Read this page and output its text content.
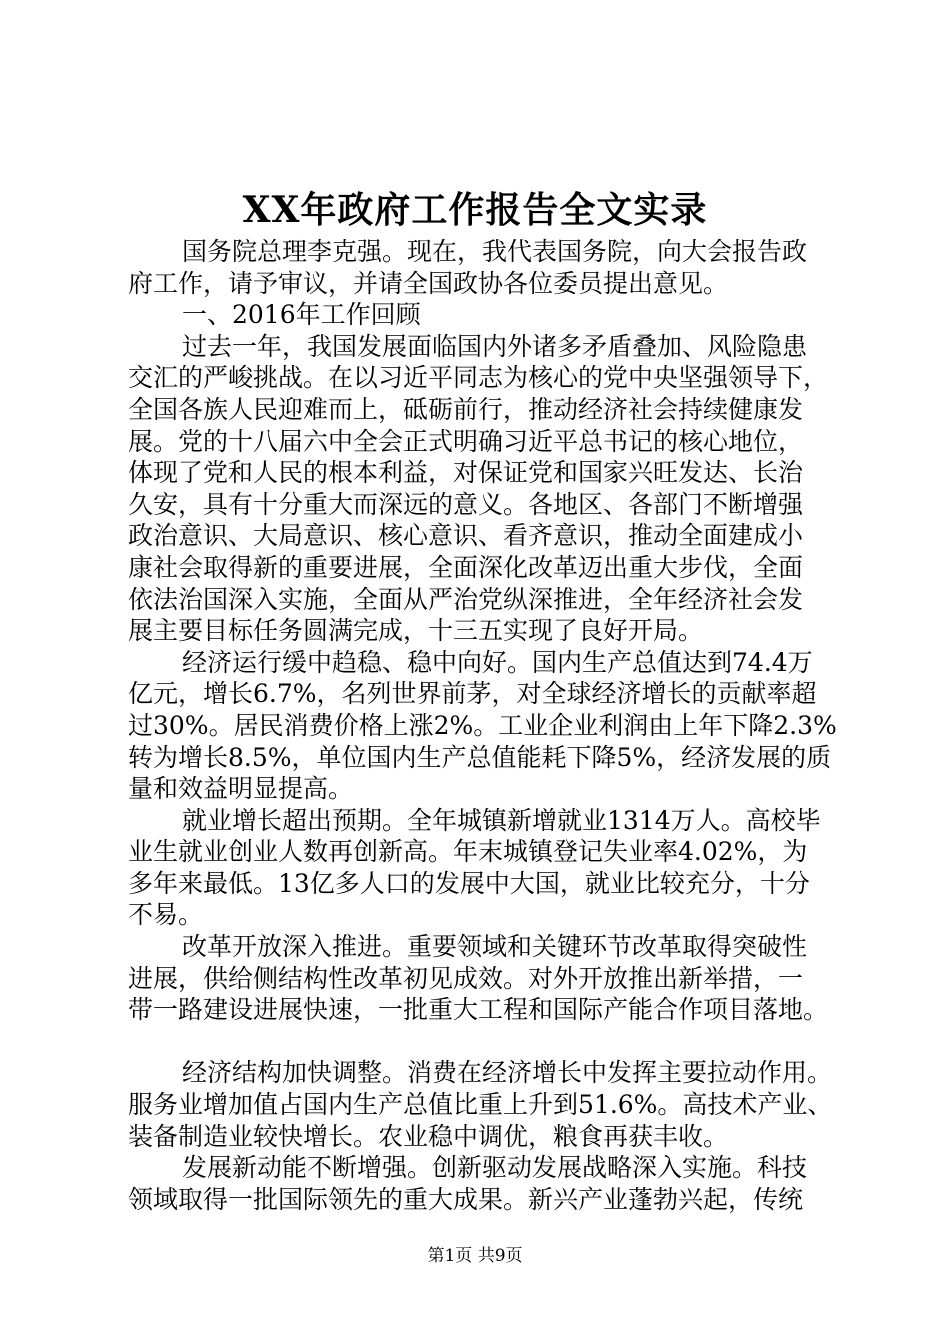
XX年政府工作报告全文实录
国务院总理李克强。现在，我代表国务院，向大会报告政
府工作，请予审议，并请全国政协各位委员提出意见。
一、2016年工作回顾
过去一年，我国发展面临国内外诸多矛盾叠加、风险隐患
交汇的严峻挑战。在以习近平同志为核心的党中央坚强领导下，
全国各族人民迎难而上，砥砺前行，推动经济社会持续健康发
展。党的十八届六中全会正式明确习近平总书记的核心地位，
体现了党和人民的根本利益，对保证党和国家兴旺发达、长治
久安，具有十分重大而深远的意义。各地区、各部门不断增强
政治意识、大局意识、核心意识、看齐意识，推动全面建成小
康社会取得新的重要进展，全面深化改革迈出重大步伐，全面
依法治国深入实施，全面从严治党纵深推进，全年经济社会发
展主要目标任务圆满完成，十三五实现了良好开局。
经济运行缓中趋稳、稳中向好。国内生产总值达到74.4万
亿元，增长6.7%，名列世界前茅，对全球经济增长的贡献率超
过30%。居民消费价格上涨2%。工业企业利润由上年下降2.3%
转为增长8.5%，单位国内生产总值能耗下降5%，经济发展的质
量和效益明显提高。
就业增长超出预期。全年城镇新增就业1314万人。高校毕
业生就业创业人数再创新高。年末城镇登记失业率4.02%，为
多年来最低。13亿多人口的发展中大国，就业比较充分，十分
不易。
改革开放深入推进。重要领域和关键环节改革取得突破性
进展，供给侧结构性改革初见成效。对外开放推出新举措，一
带一路建设进展快速，一批重大工程和国际产能合作项目落地。
经济结构加快调整。消费在经济增长中发挥主要拉动作用。
服务业增加值占国内生产总值比重上升到51.6%。高技术产业、
装备制造业较快增长。农业稳中调优，粮食再获丰收。
发展新动能不断增强。创新驱动发展战略深入实施。科技
领域取得一批国际领先的重大成果。新兴产业蓬勃兴起，传统
第1页 共9页
